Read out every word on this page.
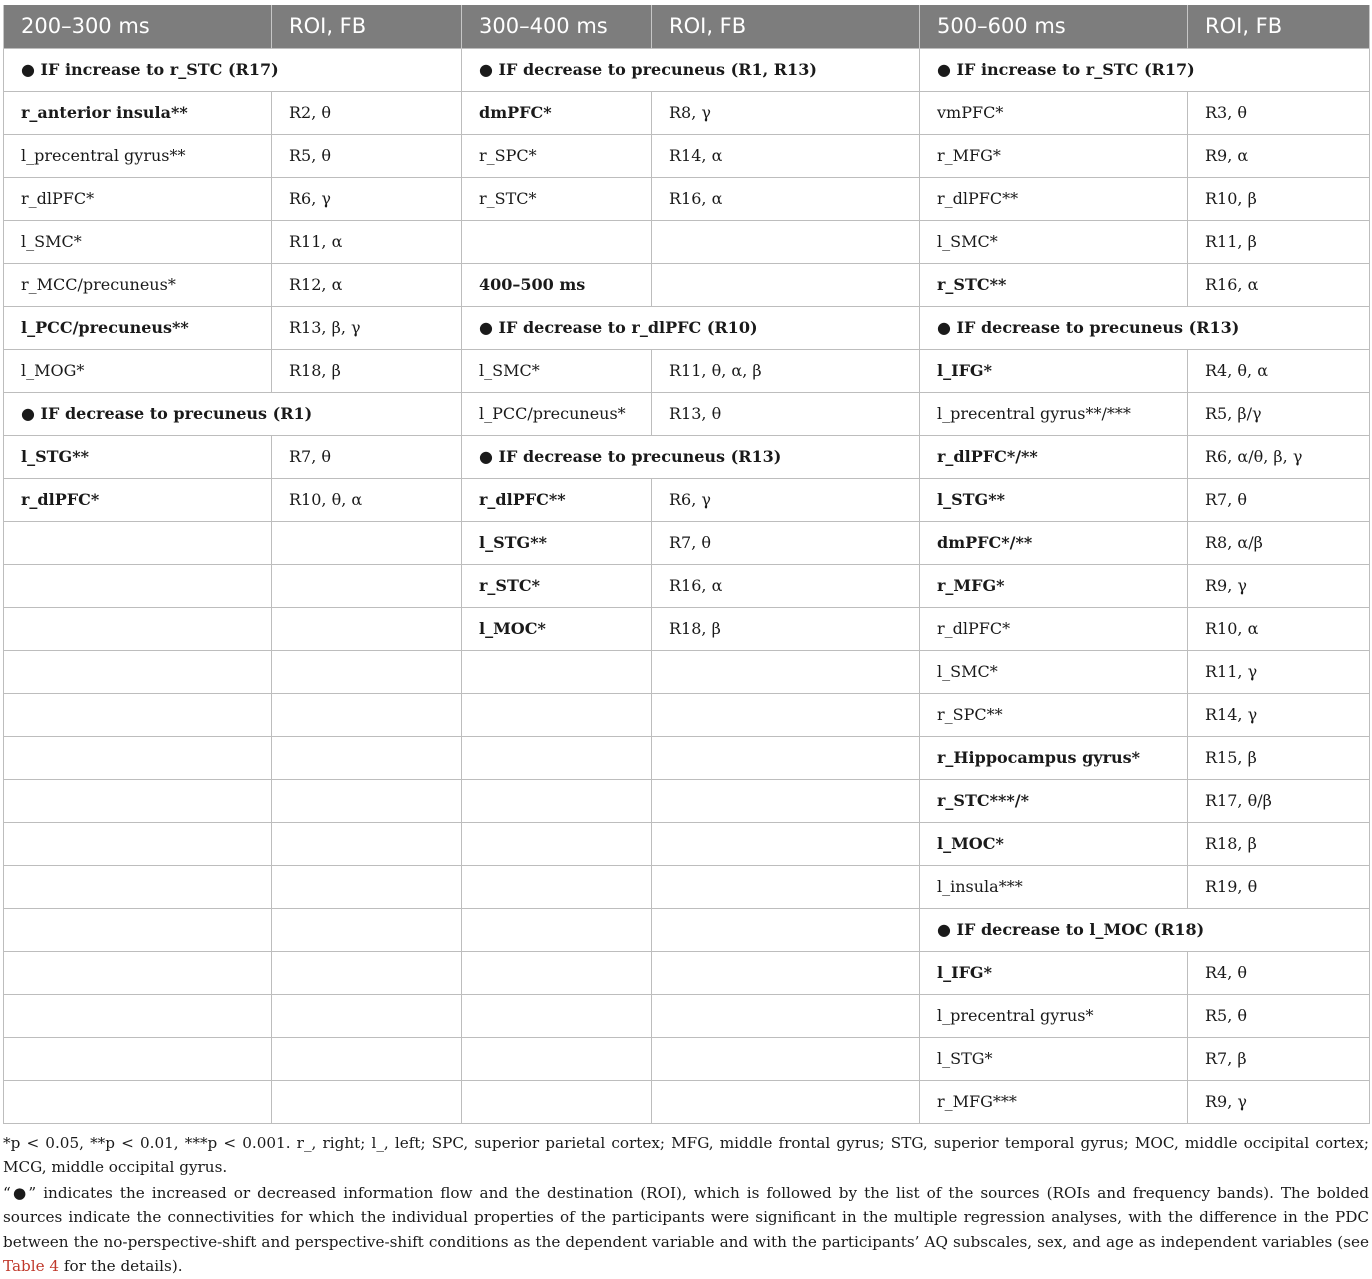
200–300 ms	ROI, FB	300–400 ms	ROI, FB	500–600 ms	ROI, FB
● IF increase to r_STC (R17)		● IF decrease to precuneus (R1, R13)		● IF increase to r_STC (R17)	
r_anterior insula**	R2, θ	dmPFC*	R8, γ	vmPFC*	R3, θ
l_precentral gyrus**	R5, θ	r_SPC*	R14, α	r_MFG*	R9, α
r_dlPFC*	R6, γ	r_STC*	R16, α	r_dlPFC**	R10, β
l_SMC*	R11, α			l_SMC*	R11, β
r_MCC/precuneus*	R12, α	400–500 ms		r_STC**	R16, α
l_PCC/precuneus**	R13, β, γ	● IF decrease to r_dlPFC (R10)		● IF decrease to precuneus (R13)	
l_MOG*	R18, β	l_SMC*	R11, θ, α, β	l_IFG*	R4, θ, α
● IF decrease to precuneus (R1)		l_PCC/precuneus*	R13, θ	l_precentral gyrus**/***	R5, β/γ
l_STG**	R7, θ	● IF decrease to precuneus (R13)		r_dlPFC*/**	R6, α/θ, β, γ
r_dlPFC*	R10, θ, α	r_dlPFC**	R6, γ	l_STG**	R7, θ
		l_STG**	R7, θ	dmPFC*/**	R8, α/β
		r_STC*	R16, α	r_MFG*	R9, γ
		l_MOC*	R18, β	r_dlPFC*	R10, α
				l_SMC*	R11, γ
				r_SPC**	R14, γ
				r_Hippocampus gyrus*	R15, β
				r_STC***/*	R17, θ/β
				l_MOC*	R18, β
				l_insula***	R19, θ
				● IF decrease to l_MOC (R18)	
				l_IFG*	R4, θ
				l_precentral gyrus*	R5, θ
				l_STG*	R7, β
				r_MFG***	R9, γ

*p < 0.05, **p < 0.01, ***p < 0.001. r_, right; l_, left; SPC, superior parietal cortex; MFG, middle frontal gyrus; STG, superior temporal gyrus; MOC, middle occipital cortex; MCG, middle occipital gyrus.

“●” indicates the increased or decreased information flow and the destination (ROI), which is followed by the list of the sources (ROIs and frequency bands). The bolded sources indicate the connectivities for which the individual properties of the participants were significant in the multiple regression analyses, with the difference in the PDC between the no-perspective-shift and perspective-shift conditions as the dependent variable and with the participants’ AQ subscales, sex, and age as independent variables (see Table 4 for the details).
